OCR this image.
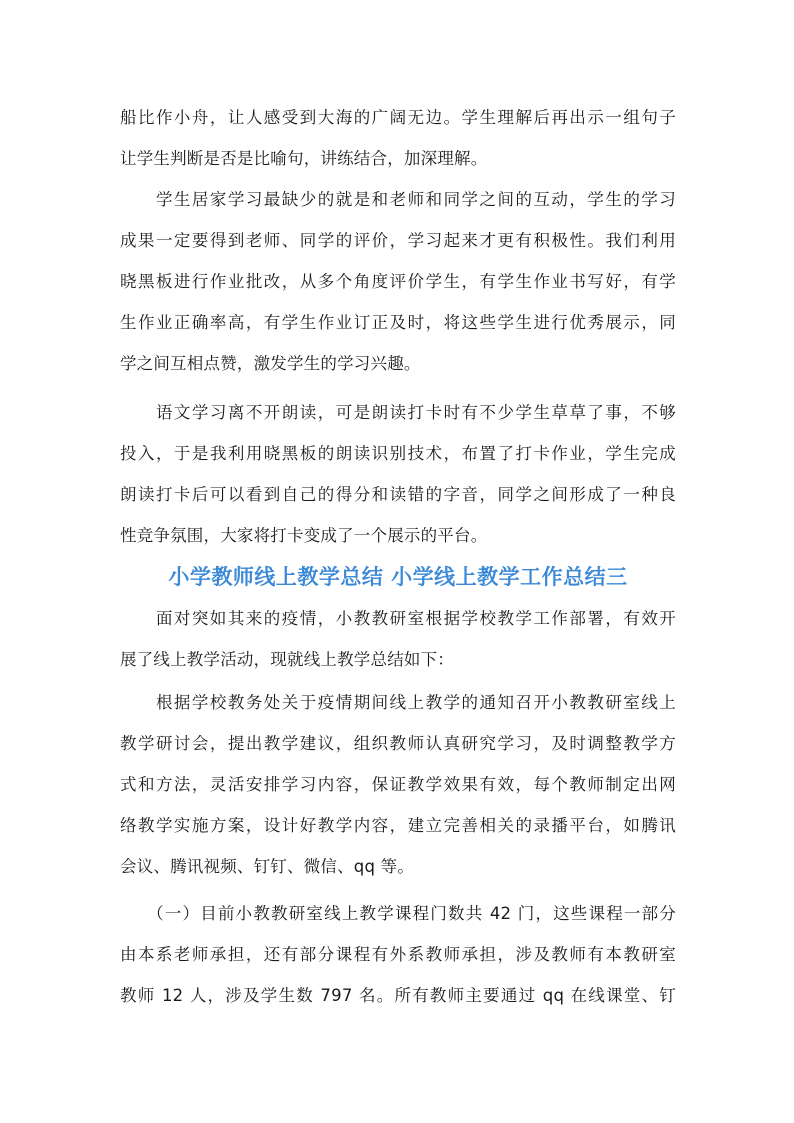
船比作小舟，让人感受到大海的广阔无边。学生理解后再出示一组句子
让学生判断是否是比喻句，讲练结合，加深理解。

　　学生居家学习最缺少的就是和老师和同学之间的互动，学生的学习
成果一定要得到老师、同学的评价，学习起来才更有积极性。我们利用
晓黑板进行作业批改，从多个角度评价学生，有学生作业书写好，有学
生作业正确率高，有学生作业订正及时，将这些学生进行优秀展示，同
学之间互相点赞，激发学生的学习兴趣。

　　语文学习离不开朗读，可是朗读打卡时有不少学生草草了事，不够
投入，于是我利用晓黑板的朗读识别技术，布置了打卡作业，学生完成
朗读打卡后可以看到自己的得分和读错的字音，同学之间形成了一种良
性竞争氛围，大家将打卡变成了一个展示的平台。

小学教师线上教学总结 小学线上教学工作总结三

　　面对突如其来的疫情，小教教研室根据学校教学工作部署，有效开
展了线上教学活动，现就线上教学总结如下：

　　根据学校教务处关于疫情期间线上教学的通知召开小教教研室线上
教学研讨会，提出教学建议，组织教师认真研究学习，及时调整教学方
式和方法，灵活安排学习内容，保证教学效果有效，每个教师制定出网
络教学实施方案，设计好教学内容，建立完善相关的录播平台，如腾讯
会议、腾讯视频、钉钉、微信、qq 等。

　　（一）目前小教教研室线上教学课程门数共 42 门，这些课程一部分
由本系老师承担，还有部分课程有外系教师承担，涉及教师有本教研室
教师 12 人，涉及学生数 797 名。所有教师主要通过 qq 在线课堂、钉
